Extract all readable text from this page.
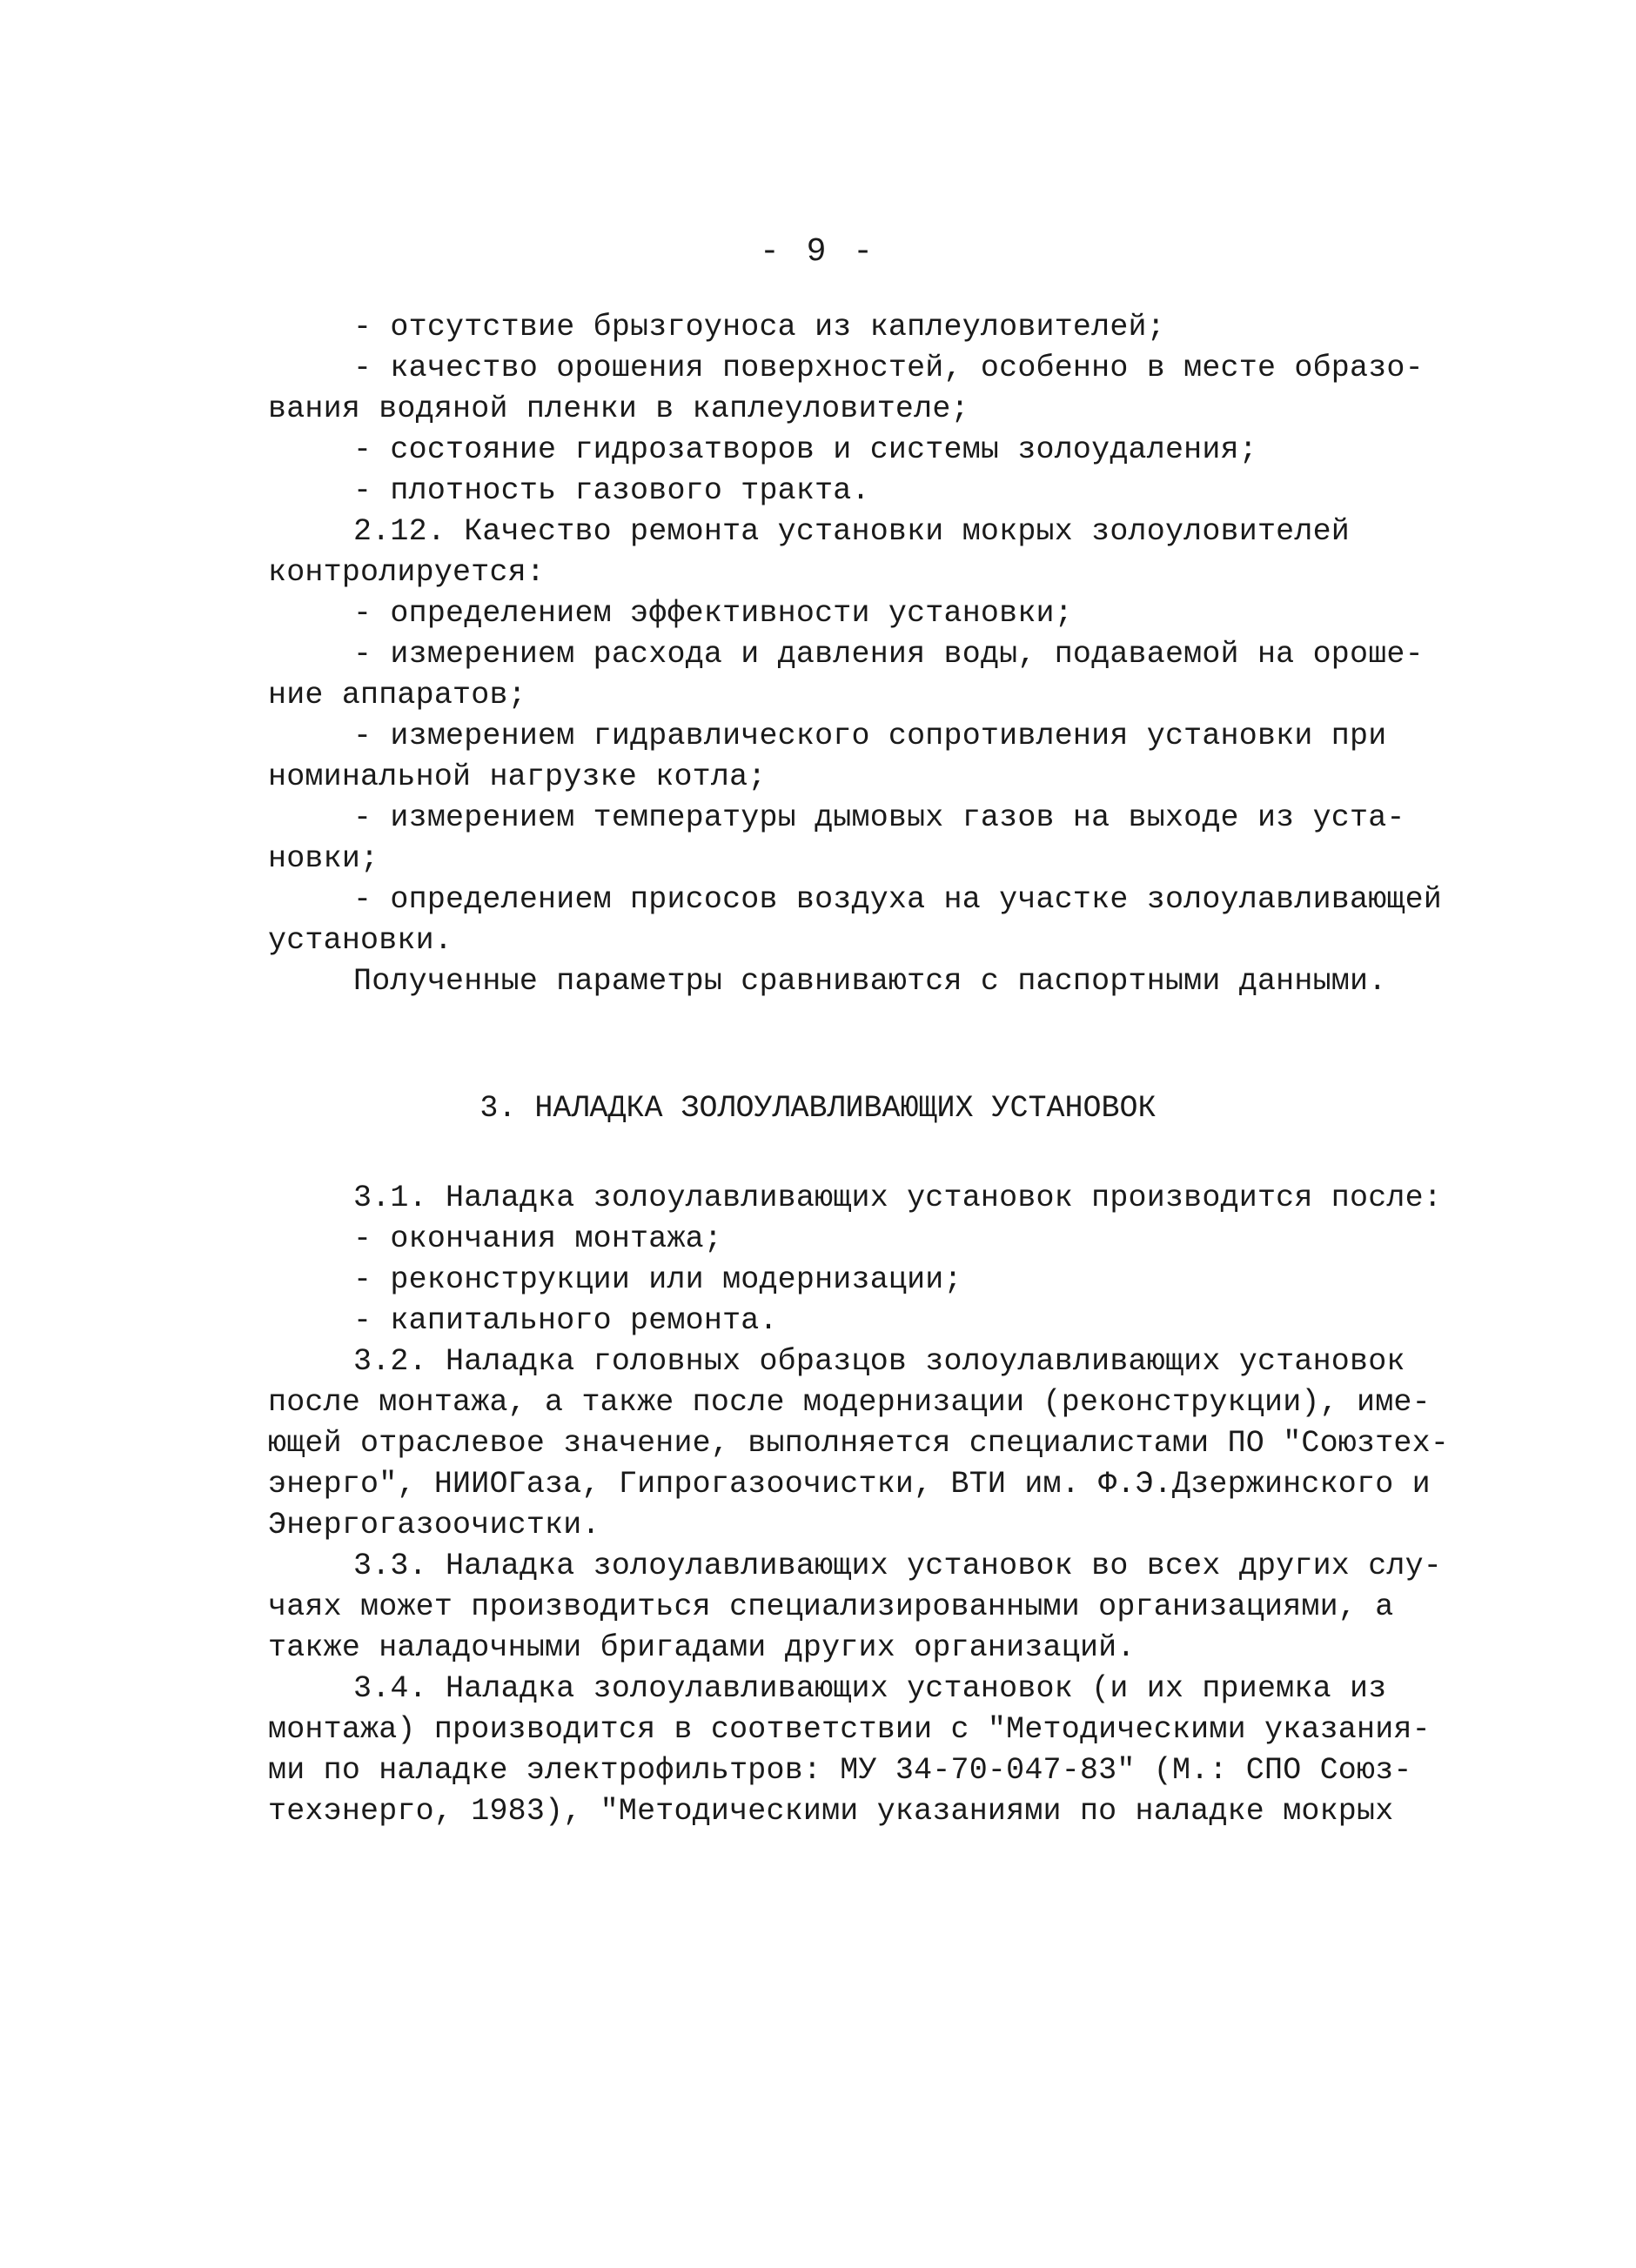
- 9 -
- отсутствие брызгоуноса из каплеуловителей;
- качество орошения поверхностей, особенно в месте образо-
вания водяной пленки в каплеуловителе;
- состояние гидрозатворов и системы золоудаления;
- плотность газового тракта.
2.12. Качество ремонта установки мокрых золоуловителей
контролируется:
- определением эффективности установки;
- измерением расхода и давления воды, подаваемой на ороше-
ние аппаратов;
- измерением гидравлического сопротивления установки при
номинальной нагрузке котла;
- измерением температуры дымовых газов на выходе из уста-
новки;
- определением присосов воздуха на участке золоулавливающей
установки.
Полученные параметры сравниваются с паспортными данными.
3. НАЛАДКА ЗОЛОУЛАВЛИВАЮЩИХ УСТАНОВОК
3.1. Наладка золоулавливающих установок производится после:
- окончания монтажа;
- реконструкции или модернизации;
- капитального ремонта.
3.2. Наладка головных образцов золоулавливающих установок
после монтажа, а также после модернизации (реконструкции), име-
ющей отраслевое значение, выполняется специалистами ПО "Союзтех-
энерго", НИИОГаза, Гипрогазоочистки, ВТИ им. Ф.Э.Дзержинского и
Энергогазоочистки.
3.3. Наладка золоулавливающих установок во всех других слу-
чаях может производиться специализированными организациями, а
также наладочными бригадами других организаций.
3.4. Наладка золоулавливающих установок (и их приемка из
монтажа) производится в соответствии с "Методическими указания-
ми по наладке электрофильтров: МУ 34-70-047-83" (М.: СПО Союз-
техэнерго, 1983), "Методическими указаниями по наладке мокрых
